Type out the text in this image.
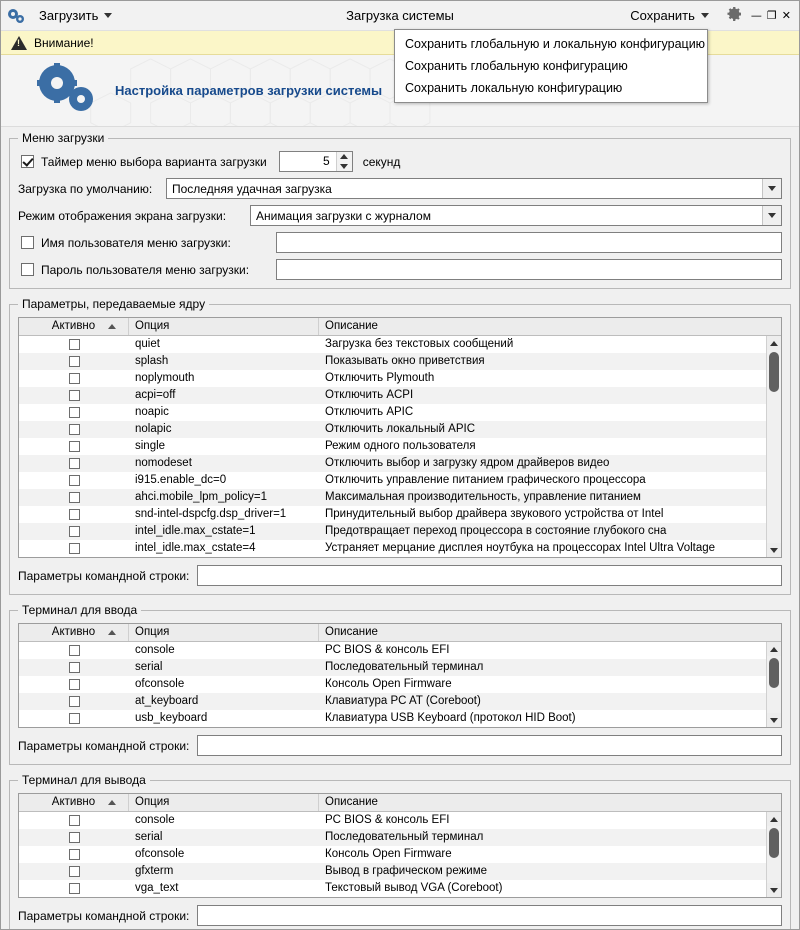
Загрузить	Загрузка системы	Сохранить	— ❐ ✕
Сохранить глобальную и локальную конфигурацию
Сохранить глобальную конфигурацию
Сохранить локальную конфигурацию
!
Внимание!
Настройка параметров загрузки системы
Меню загрузки
Таймер меню выбора варианта загрузки	5	секунд
Загрузка по умолчанию:	Последняя удачная загрузка
Режим отображения экрана загрузки:	Анимация загрузки с журналом
Имя пользователя меню загрузки:
Пароль пользователя меню загрузки:
Параметры, передаваемые ядру
Активно	Опция	Описание
quiet	Загрузка без текстовых сообщений
splash	Показывать окно приветствия
noplymouth	Отключить Plymouth
acpi=off	Отключить ACPI
noapic	Отключить APIC
nolapic	Отключить локальный APIC
single	Режим одного пользователя
nomodeset	Отключить выбор и загрузку ядром драйверов видео
i915.enable_dc=0	Отключить управление питанием графического процессора
ahci.mobile_lpm_policy=1	Максимальная производительность, управление питанием
snd-intel-dspcfg.dsp_driver=1	Принудительный выбор драйвера звукового устройства от Intel
intel_idle.max_cstate=1	Предотвращает переход процессора в состояние глубокого сна
intel_idle.max_cstate=4	Устраняет мерцание дисплея ноутбука на процессорах Intel Ultra Voltage
Параметры командной строки:
Терминал для ввода
Активно	Опция	Описание
console	PC BIOS & консоль EFI
serial	Последовательный терминал
ofconsole	Консоль Open Firmware
at_keyboard	Клавиатура PC AT (Coreboot)
usb_keyboard	Клавиатура USB Keyboard (протокол HID Boot)
Параметры командной строки:
Терминал для вывода
Активно	Опция	Описание
console	PC BIOS & консоль EFI
serial	Последовательный терминал
ofconsole	Консоль Open Firmware
gfxterm	Вывод в графическом режиме
vga_text	Текстовый вывод VGA (Coreboot)
Параметры командной строки:
